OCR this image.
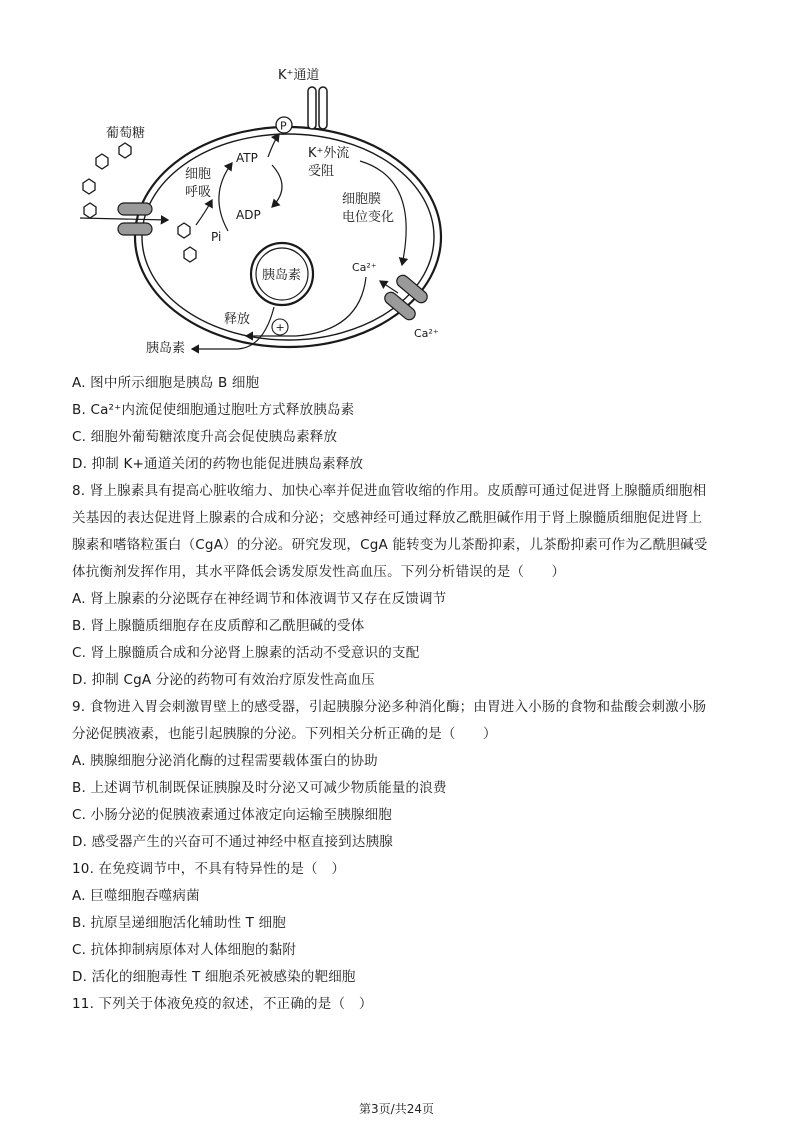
K⁺通道
P
葡萄糖
细胞
呼吸
ATP
ADP
Pi
K⁺外流
受阻
细胞膜
电位变化
Ca²⁺
Ca²⁺
+
胰岛素
释放
胰岛素
A. 图中所示细胞是胰岛 B 细胞
B. Ca²⁺内流促使细胞通过胞吐方式释放胰岛素
C. 细胞外葡萄糖浓度升高会促使胰岛素释放
D. 抑制 K+通道关闭的药物也能促进胰岛素释放
8. 肾上腺素具有提高心脏收缩力、加快心率并促进血管收缩的作用。皮质醇可通过促进肾上腺髓质细胞相
关基因的表达促进肾上腺素的合成和分泌；交感神经可通过释放乙酰胆碱作用于肾上腺髓质细胞促进肾上
腺素和嗜铬粒蛋白（CgA）的分泌。研究发现，CgA 能转变为儿茶酚抑素，儿茶酚抑素可作为乙酰胆碱受
体抗衡剂发挥作用，其水平降低会诱发原发性高血压。下列分析错误的是（　　）
A. 肾上腺素的分泌既存在神经调节和体液调节又存在反馈调节
B. 肾上腺髓质细胞存在皮质醇和乙酰胆碱的受体
C. 肾上腺髓质合成和分泌肾上腺素的活动不受意识的支配
D. 抑制 CgA 分泌的药物可有效治疗原发性高血压
9. 食物进入胃会刺激胃壁上的感受器，引起胰腺分泌多种消化酶；由胃进入小肠的食物和盐酸会刺激小肠
分泌促胰液素，也能引起胰腺的分泌。下列相关分析正确的是（　　）
A. 胰腺细胞分泌消化酶的过程需要载体蛋白的协助
B. 上述调节机制既保证胰腺及时分泌又可减少物质能量的浪费
C. 小肠分泌的促胰液素通过体液定向运输至胰腺细胞
D. 感受器产生的兴奋可不通过神经中枢直接到达胰腺
10. 在免疫调节中，不具有特异性的是（　）
A. 巨噬细胞吞噬病菌
B. 抗原呈递细胞活化辅助性 T 细胞
C. 抗体抑制病原体对人体细胞的黏附
D. 活化的细胞毒性 T 细胞杀死被感染的靶细胞
11. 下列关于体液免疫的叙述，不正确的是（　）
第3页/共24页
